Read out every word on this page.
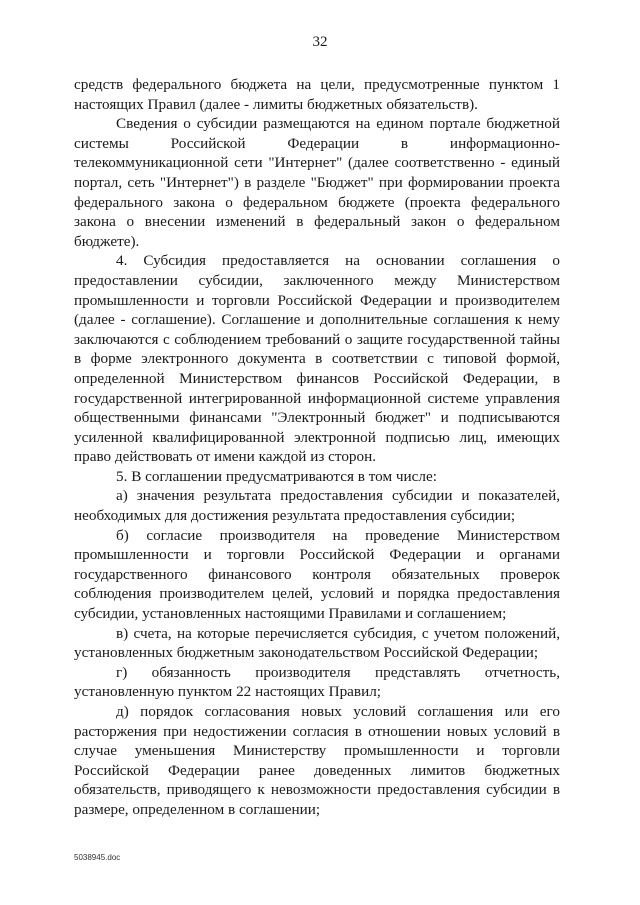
32

средств федерального бюджета на цели, предусмотренные пунктом 1 настоящих Правил (далее - лимиты бюджетных обязательств).

Сведения о субсидии размещаются на едином портале бюджетной системы Российской Федерации в информационно-телекоммуникационной сети "Интернет" (далее соответственно - единый портал, сеть "Интернет") в разделе "Бюджет" при формировании проекта федерального закона о федеральном бюджете (проекта федерального закона о внесении изменений в федеральный закон о федеральном бюджете).

4. Субсидия предоставляется на основании соглашения о предоставлении субсидии, заключенного между Министерством промышленности и торговли Российской Федерации и производителем (далее - соглашение). Соглашение и дополнительные соглашения к нему заключаются с соблюдением требований о защите государственной тайны в форме электронного документа в соответствии с типовой формой, определенной Министерством финансов Российской Федерации, в государственной интегрированной информационной системе управления общественными финансами "Электронный бюджет" и подписываются усиленной квалифицированной электронной подписью лиц, имеющих право действовать от имени каждой из сторон.

5. В соглашении предусматриваются в том числе:

а) значения результата предоставления субсидии и показателей, необходимых для достижения результата предоставления субсидии;

б) согласие производителя на проведение Министерством промышленности и торговли Российской Федерации и органами государственного финансового контроля обязательных проверок соблюдения производителем целей, условий и порядка предоставления субсидии, установленных настоящими Правилами и соглашением;

в) счета, на которые перечисляется субсидия, с учетом положений, установленных бюджетным законодательством Российской Федерации;

г) обязанность производителя представлять отчетность, установленную пунктом 22 настоящих Правил;

д) порядок согласования новых условий соглашения или его расторжения при недостижении согласия в отношении новых условий в случае уменьшения Министерству промышленности и торговли Российской Федерации ранее доведенных лимитов бюджетных обязательств, приводящего к невозможности предоставления субсидии в размере, определенном в соглашении;

5038945.doc
